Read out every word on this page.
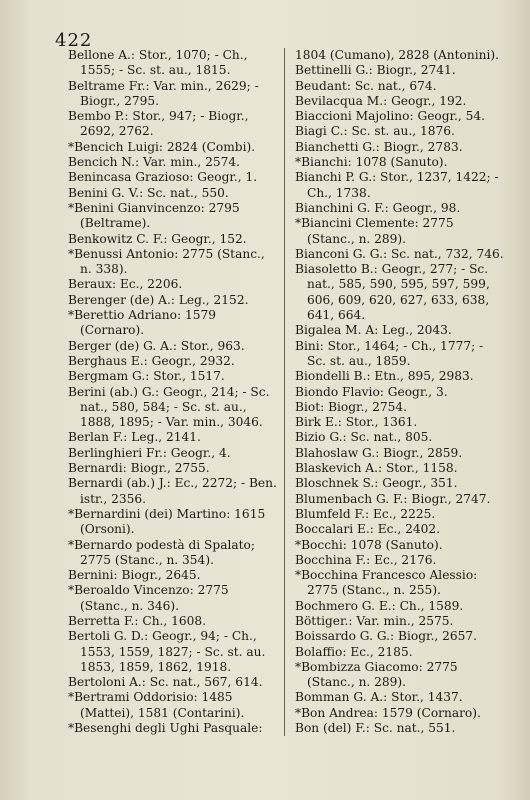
422

Bellone A.: Stor., 1070; - Ch., 1555; - Sc. st. au., 1815.

Beltrame Fr.: Var. min., 2629; - Biogr., 2795.

Bembo P.: Stor., 947; - Biogr., 2692, 2762.

*Bencich Luigi: 2824 (Combi).

Bencich N.: Var. min., 2574.

Benincasa Grazioso: Geogr., 1.

Benini G. V.: Sc. nat., 550.

*Benini Gianvincenzo: 2795 (Beltrame).

Benkowitz C. F.: Geogr., 152.

*Benussi Antonio: 2775 (Stanc., n. 338).

Beraux: Ec., 2206.

Berenger (de) A.: Leg., 2152.

*Berettio Adriano: 1579 (Cornaro).

Berger (de) G. A.: Stor., 963.

Berghaus E.: Geogr., 2932.

Bergmam G.: Stor., 1517.

Berini (ab.) G.: Geogr., 214; - Sc. nat., 580, 584; - Sc. st. au., 1888, 1895; - Var. min., 3046.

Berlan F.: Leg., 2141.

Berlinghieri Fr.: Geogr., 4.

Bernardi: Biogr., 2755.

Bernardi (ab.) J.: Ec., 2272; - Ben. istr., 2356.

*Bernardini (dei) Martino: 1615 (Orsoni).

*Bernardo podestà di Spalato; 2775 (Stanc., n. 354).

Bernini: Biogr., 2645.

*Beroaldo Vincenzo: 2775 (Stanc., n. 346).

Berretta F.: Ch., 1608.

Bertoli G. D.: Geogr., 94; - Ch., 1553, 1559, 1827; - Sc. st. au. 1853, 1859, 1862, 1918.

Bertoloni A.: Sc. nat., 567, 614.

*Bertrami Oddorisio: 1485 (Mattei), 1581 (Contarini).

*Besenghi degli Ughi Pasquale:

1804 (Cumano), 2828 (Antonini).

Bettinelli G.: Biogr., 2741.

Beudant: Sc. nat., 674.

Bevilacqua M.: Geogr., 192.

Biaccioni Majolino: Geogr., 54.

Biagi C.: Sc. st. au., 1876.

Bianchetti G.: Biogr., 2783.

*Bianchi: 1078 (Sanuto).

Bianchi P. G.: Stor., 1237, 1422; - Ch., 1738.

Bianchini G. F.: Geogr., 98.

*Biancini Clemente: 2775 (Stanc., n. 289).

Bianconi G. G.: Sc. nat., 732, 746.

Biasoletto B.: Geogr., 277; - Sc. nat., 585, 590, 595, 597, 599, 606, 609, 620, 627, 633, 638, 641, 664.

Bigalea M. A: Leg., 2043.

Bini: Stor., 1464; - Ch., 1777; - Sc. st. au., 1859.

Biondelli B.: Etn., 895, 2983.

Biondo Flavio: Geogr., 3.

Biot: Biogr., 2754.

Birk E.: Stor., 1361.

Bizio G.: Sc. nat., 805.

Blahoslaw G.: Biogr., 2859.

Blaskevich A.: Stor., 1158.

Bloschnek S.: Geogr., 351.

Blumenbach G. F.: Biogr., 2747.

Blumfeld F.: Ec., 2225.

Boccalari E.: Ec., 2402.

*Bocchi: 1078 (Sanuto).

Bocchina F.: Ec., 2176.

*Bocchina Francesco Alessio: 2775 (Stanc., n. 255).

Bochmero G. E.: Ch., 1589.

Böttiger.: Var. min., 2575.

Boissardo G. G.: Biogr., 2657.

Bolaffio: Ec., 2185.

*Bombizza Giacomo: 2775 (Stanc., n. 289).

Bomman G. A.: Stor., 1437.

*Bon Andrea: 1579 (Cornaro).

Bon (del) F.: Sc. nat., 551.
